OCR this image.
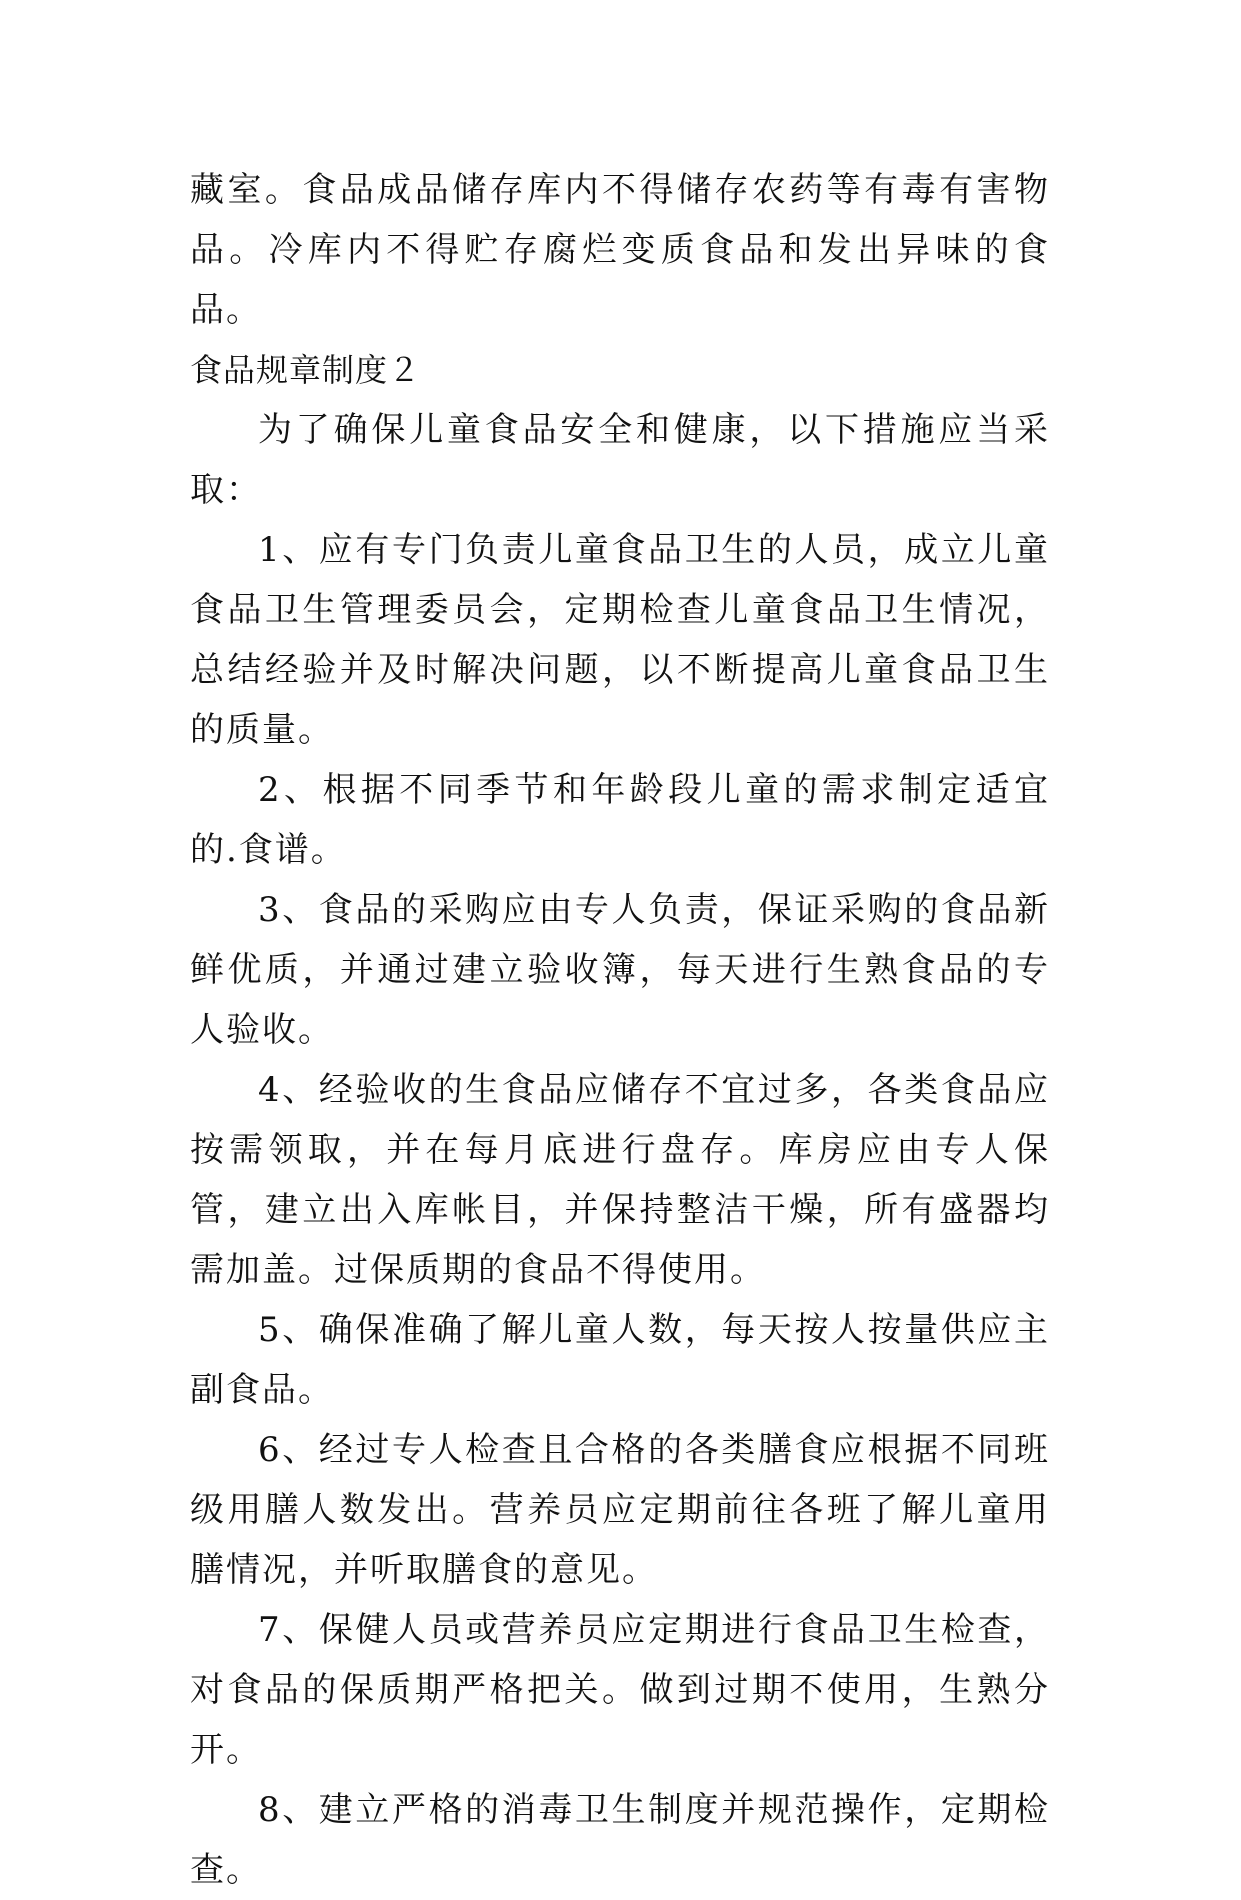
藏室。食品成品储存库内不得储存农药等有毒有害物品。冷库内不得贮存腐烂变质食品和发出异味的食品。

食品规章制度２

为了确保儿童食品安全和健康，以下措施应当采取：

1、应有专门负责儿童食品卫生的人员，成立儿童食品卫生管理委员会，定期检查儿童食品卫生情况，总结经验并及时解决问题，以不断提高儿童食品卫生的质量。

2、根据不同季节和年龄段儿童的需求制定适宜的.食谱。

3、食品的采购应由专人负责，保证采购的食品新鲜优质，并通过建立验收簿，每天进行生熟食品的专人验收。

4、经验收的生食品应储存不宜过多，各类食品应按需领取，并在每月底进行盘存。库房应由专人保管，建立出入库帐目，并保持整洁干燥，所有盛器均需加盖。过保质期的食品不得使用。

5、确保准确了解儿童人数，每天按人按量供应主副食品。

6、经过专人检查且合格的各类膳食应根据不同班级用膳人数发出。营养员应定期前往各班了解儿童用膳情况，并听取膳食的意见。

7、保健人员或营养员应定期进行食品卫生检查，对食品的保质期严格把关。做到过期不使用，生熟分开。

8、建立严格的消毒卫生制度并规范操作，定期检查。
